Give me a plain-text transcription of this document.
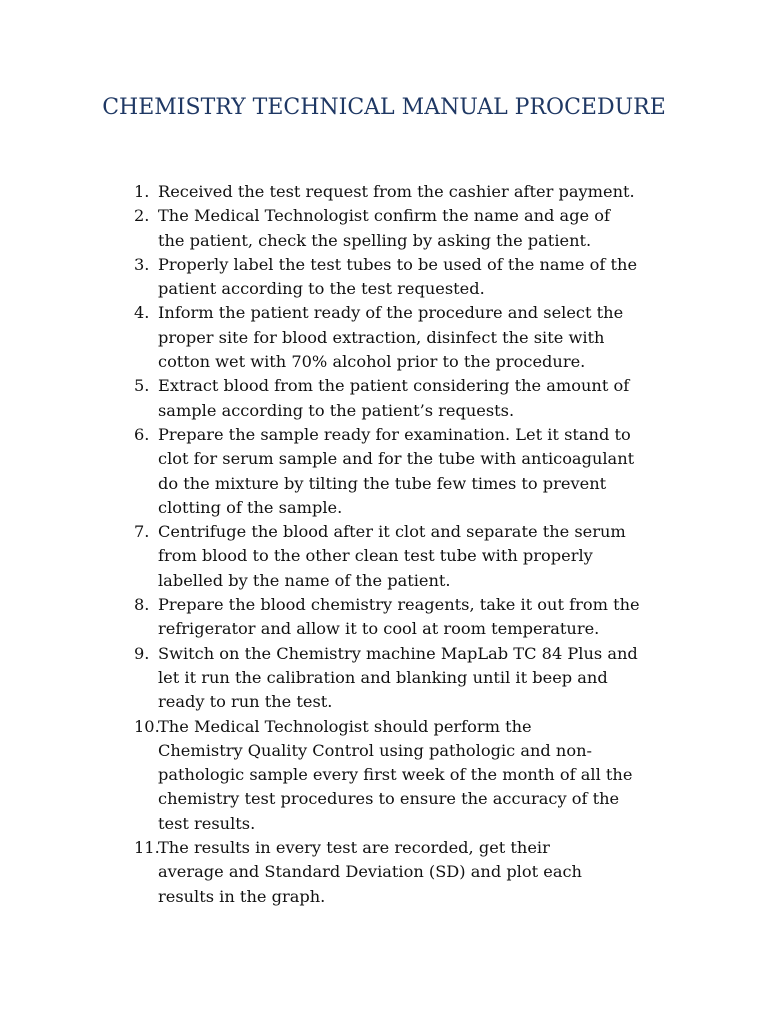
CHEMISTRY TECHNICAL MANUAL PROCEDURE
1. Received the test request from the cashier after payment.
2. The Medical Technologist confirm the name and age of
the patient, check the spelling by asking the patient.
3. Properly label the test tubes to be used of the name of the
patient according to the test requested.
4. Inform the patient ready of the procedure and select the
proper site for blood extraction, disinfect the site with
cotton wet with 70% alcohol prior to the procedure.
5. Extract blood from the patient considering the amount of
sample according to the patient’s requests.
6. Prepare the sample ready for examination. Let it stand to
clot for serum sample and for the tube with anticoagulant
do the mixture by tilting the tube few times to prevent
clotting of the sample.
7. Centrifuge the blood after it clot and separate the serum
from blood to the other clean test tube with properly
labelled by the name of the patient.
8. Prepare the blood chemistry reagents, take it out from the
refrigerator and allow it to cool at room temperature.
9. Switch on the Chemistry machine MapLab TC 84 Plus and
let it run the calibration and blanking until it beep and
ready to run the test.
10.
The Medical Technologist should perform the
Chemistry Quality Control using pathologic and non-
pathologic sample every first week of the month of all the
chemistry test procedures to ensure the accuracy of the
test results.
11.
The results in every test are recorded, get their
average and Standard Deviation (SD) and plot each
results in the graph.
